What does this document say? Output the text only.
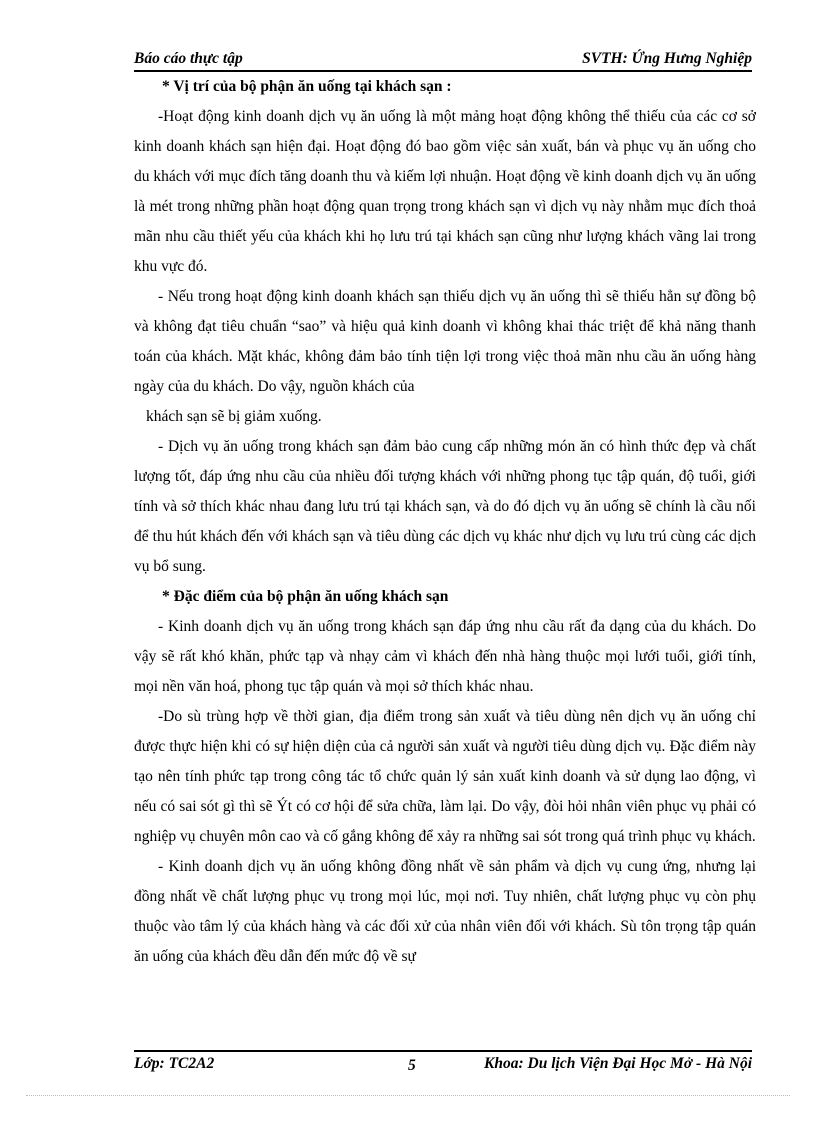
Báo cáo thực tập	SVTH: Ứng Hưng Nghiệp

* Vị trí của bộ phận ăn uống tại khách sạn :

-Hoạt động kinh doanh dịch vụ ăn uống là một mảng hoạt động không thể thiếu của các cơ sở kinh doanh khách sạn hiện đại. Hoạt động đó bao gồm việc sản xuất, bán và phục vụ ăn uống cho du khách với mục đích tăng doanh thu và kiếm lợi nhuận. Hoạt động về kinh doanh dịch vụ ăn uống là mét trong những phần hoạt động quan trọng trong khách sạn vì dịch vụ này nhằm mục đích thoả mãn nhu cầu thiết yếu của khách khi họ lưu trú tại khách sạn cũng như lượng khách vãng lai trong khu vực đó.

- Nếu trong hoạt động kinh doanh khách sạn thiếu dịch vụ ăn uống thì sẽ thiếu hẳn sự đồng bộ và không đạt tiêu chuẩn “sao” và hiệu quả kinh doanh vì không khai thác triệt để khả năng thanh toán của khách. Mặt khác, không đảm bảo tính tiện lợi trong việc thoả mãn nhu cầu ăn uống hàng ngày của du khách. Do vậy, nguồn khách của

khách sạn sẽ bị giảm xuống.

- Dịch vụ ăn uống trong khách sạn đảm bảo cung cấp những món ăn có hình thức đẹp và chất lượng tốt, đáp ứng nhu cầu của nhiều đối tượng khách với những phong tục tập quán, độ tuổi, giới tính và sở thích khác nhau đang lưu trú tại khách sạn, và do đó dịch vụ ăn uống sẽ chính là cầu nối để thu hút khách đến với khách sạn và tiêu dùng các dịch vụ khác như dịch vụ lưu trú cùng các dịch vụ bổ sung.

* Đặc điểm của bộ phận ăn uống khách sạn

- Kinh doanh dịch vụ ăn uống trong khách sạn đáp ứng nhu cầu rất đa dạng của du khách. Do vậy sẽ rất khó khăn, phức tạp và nhạy cảm vì khách đến nhà hàng thuộc mọi lưới tuổi, giới tính, mọi nền văn hoá, phong tục tập quán và mọi sở thích khác nhau.

-Do sù trùng hợp về thời gian, địa điểm trong sản xuất và tiêu dùng nên dịch vụ ăn uống chỉ được thực hiện khi có sự hiện diện của cả người sản xuất và người tiêu dùng dịch vụ. Đặc điểm này tạo nên tính phức tạp trong công tác tổ chức quản lý sản xuất kinh doanh và sử dụng lao động, vì nếu có sai sót gì thì sẽ Ýt có cơ hội để sửa chữa, làm lại. Do vậy, đòi hỏi nhân viên phục vụ phải có nghiệp vụ chuyên môn cao và cố gắng không để xảy ra những sai sót trong quá trình phục vụ khách.

- Kinh doanh dịch vụ ăn uống không đồng nhất về sản phẩm và dịch vụ cung ứng, nhưng lại đồng nhất về chất lượng phục vụ trong mọi lúc, mọi nơi. Tuy nhiên, chất lượng phục vụ còn phụ thuộc vào tâm lý của khách hàng và các đối xử của nhân viên đối với khách. Sù tôn trọng tập quán ăn uống của khách đều dẫn đến mức độ về sự

Lớp: TC2A2	5	Khoa: Du lịch Viện Đại Học Mở - Hà Nội
